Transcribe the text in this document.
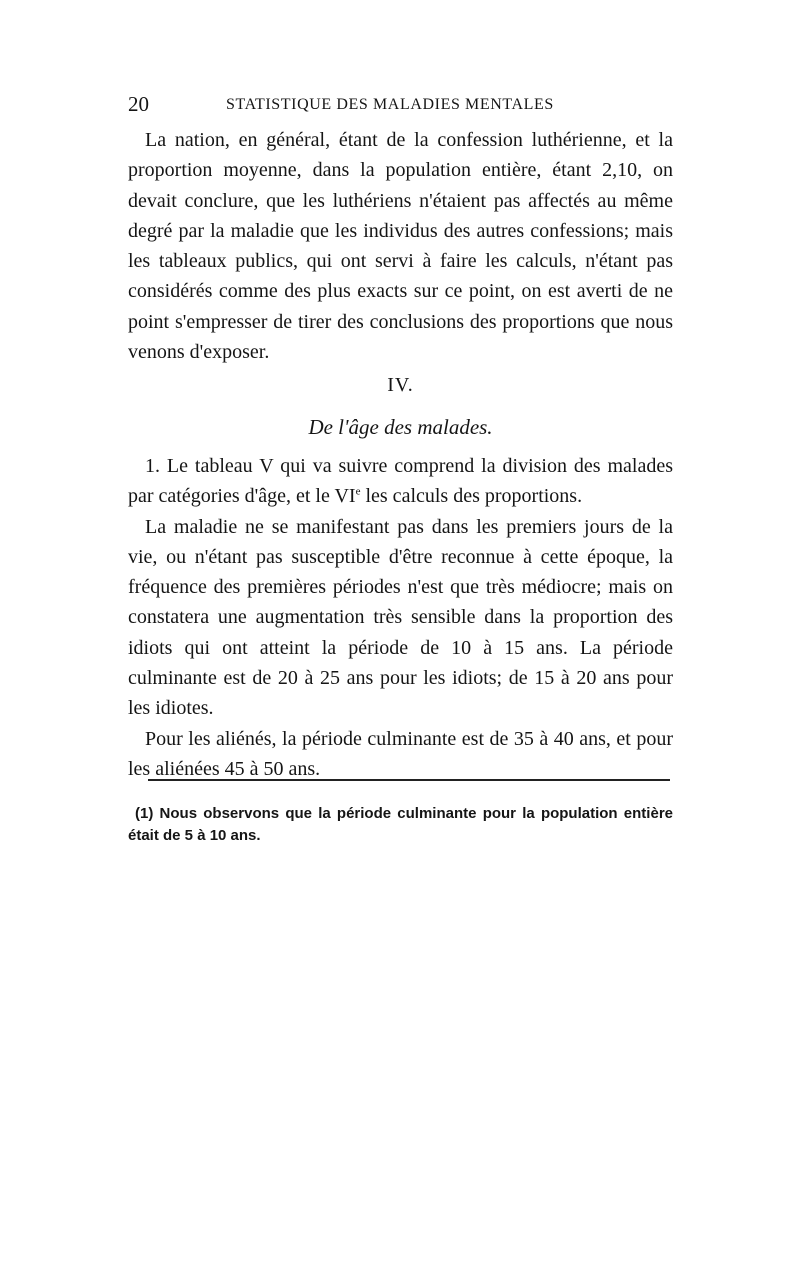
20	STATISTIQUE DES MALADIES MENTALES

La nation, en général, étant de la confession luthérienne, et la proportion moyenne, dans la population entière, étant 2,10, on devait conclure, que les luthériens n'étaient pas affectés au même degré par la maladie que les individus des autres confessions; mais les tableaux publics, qui ont servi à faire les calculs, n'étant pas considérés comme des plus exacts sur ce point, on est averti de ne point s'empresser de tirer des conclusions des proportions que nous venons d'exposer.

IV.
De l'âge des malades.

1. Le tableau V qui va suivre comprend la division des malades par catégories d'âge, et le VIe les calculs des proportions.

La maladie ne se manifestant pas dans les premiers jours de la vie, ou n'étant pas susceptible d'être reconnue à cette époque, la fréquence des premières périodes n'est que très médiocre; mais on constatera une augmentation très sensible dans la proportion des idiots qui ont atteint la période de 10 à 15 ans. La période culminante est de 20 à 25 ans pour les idiots; de 15 à 20 ans pour les idiotes.

Pour les aliénés, la période culminante est de 35 à 40 ans, et pour les aliénées 45 à 50 ans.

(1) Nous observons que la période culminante pour la population entière était de 5 à 10 ans.
